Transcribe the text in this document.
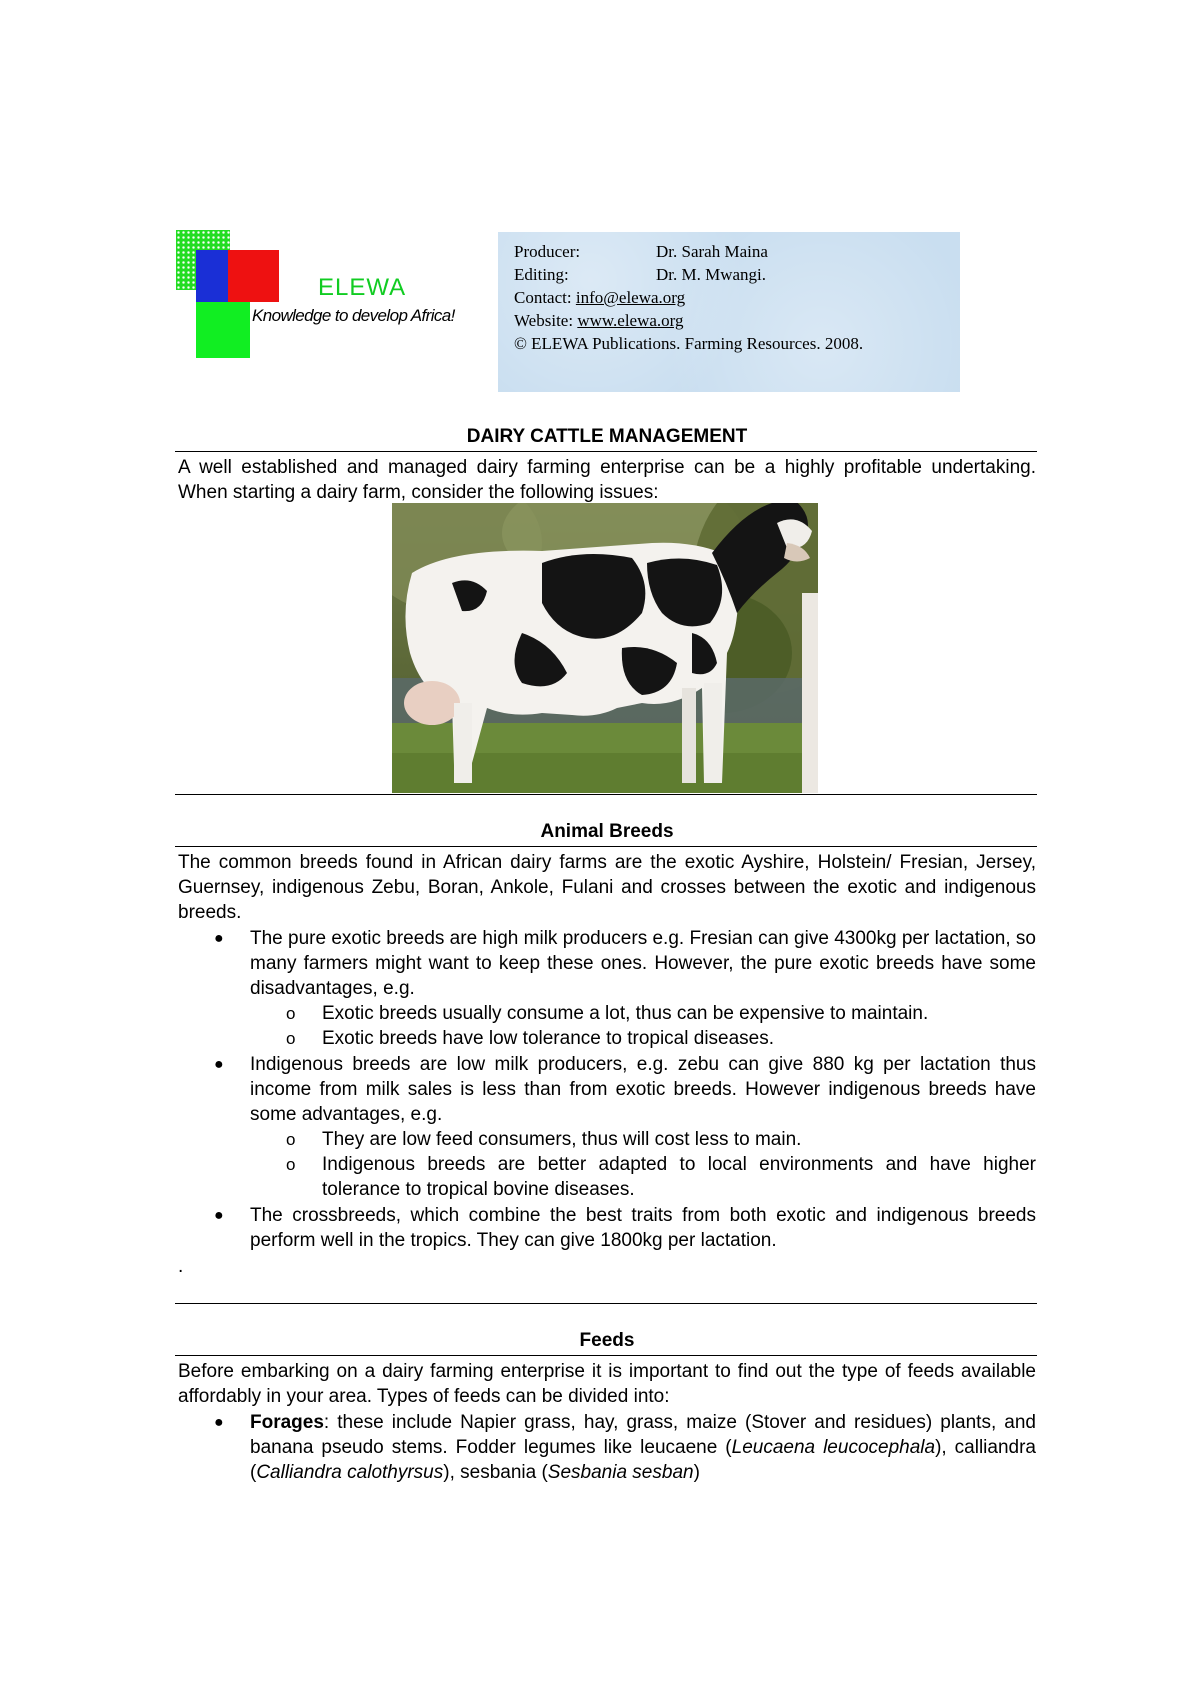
ELEWA
Knowledge to develop Africa!
Producer:	Dr. Sarah Maina
Editing:	Dr. M. Mwangi.
Contact: info@elewa.org
Website: www.elewa.org
© ELEWA Publications. Farming Resources. 2008.
DAIRY CATTLE MANAGEMENT

A well established and managed dairy farming enterprise can be a highly profitable undertaking. When starting a dairy farm, consider the following issues:

Animal Breeds

The common breeds found in African dairy farms are the exotic Ayshire, Holstein/ Fresian, Jersey, Guernsey, indigenous Zebu, Boran, Ankole, Fulani and crosses between the exotic and indigenous breeds.

● The pure exotic breeds are high milk producers e.g. Fresian can give 4300kg per lactation, so many farmers might want to keep these ones. However, the pure exotic breeds have some disadvantages, e.g.
o Exotic breeds usually consume a lot, thus can be expensive to maintain.
o Exotic breeds have low tolerance to tropical diseases.
● Indigenous breeds are low milk producers, e.g. zebu can give 880 kg per lactation thus income from milk sales is less than from exotic breeds. However indigenous breeds have some advantages, e.g.
o They are low feed consumers, thus will cost less to main.
o Indigenous breeds are better adapted to local environments and have higher tolerance to tropical bovine diseases.
● The crossbreeds, which combine the best traits from both exotic and indigenous breeds perform well in the tropics. They can give 1800kg per lactation.
.
Feeds

Before embarking on a dairy farming enterprise it is important to find out the type of feeds available affordably in your area. Types of feeds can be divided into:

● Forages: these include Napier grass, hay, grass, maize (Stover and residues) plants, and banana pseudo stems. Fodder legumes like leucaene (Leucaena leucocephala), calliandra (Calliandra calothyrsus), sesbania (Sesbania sesban)
